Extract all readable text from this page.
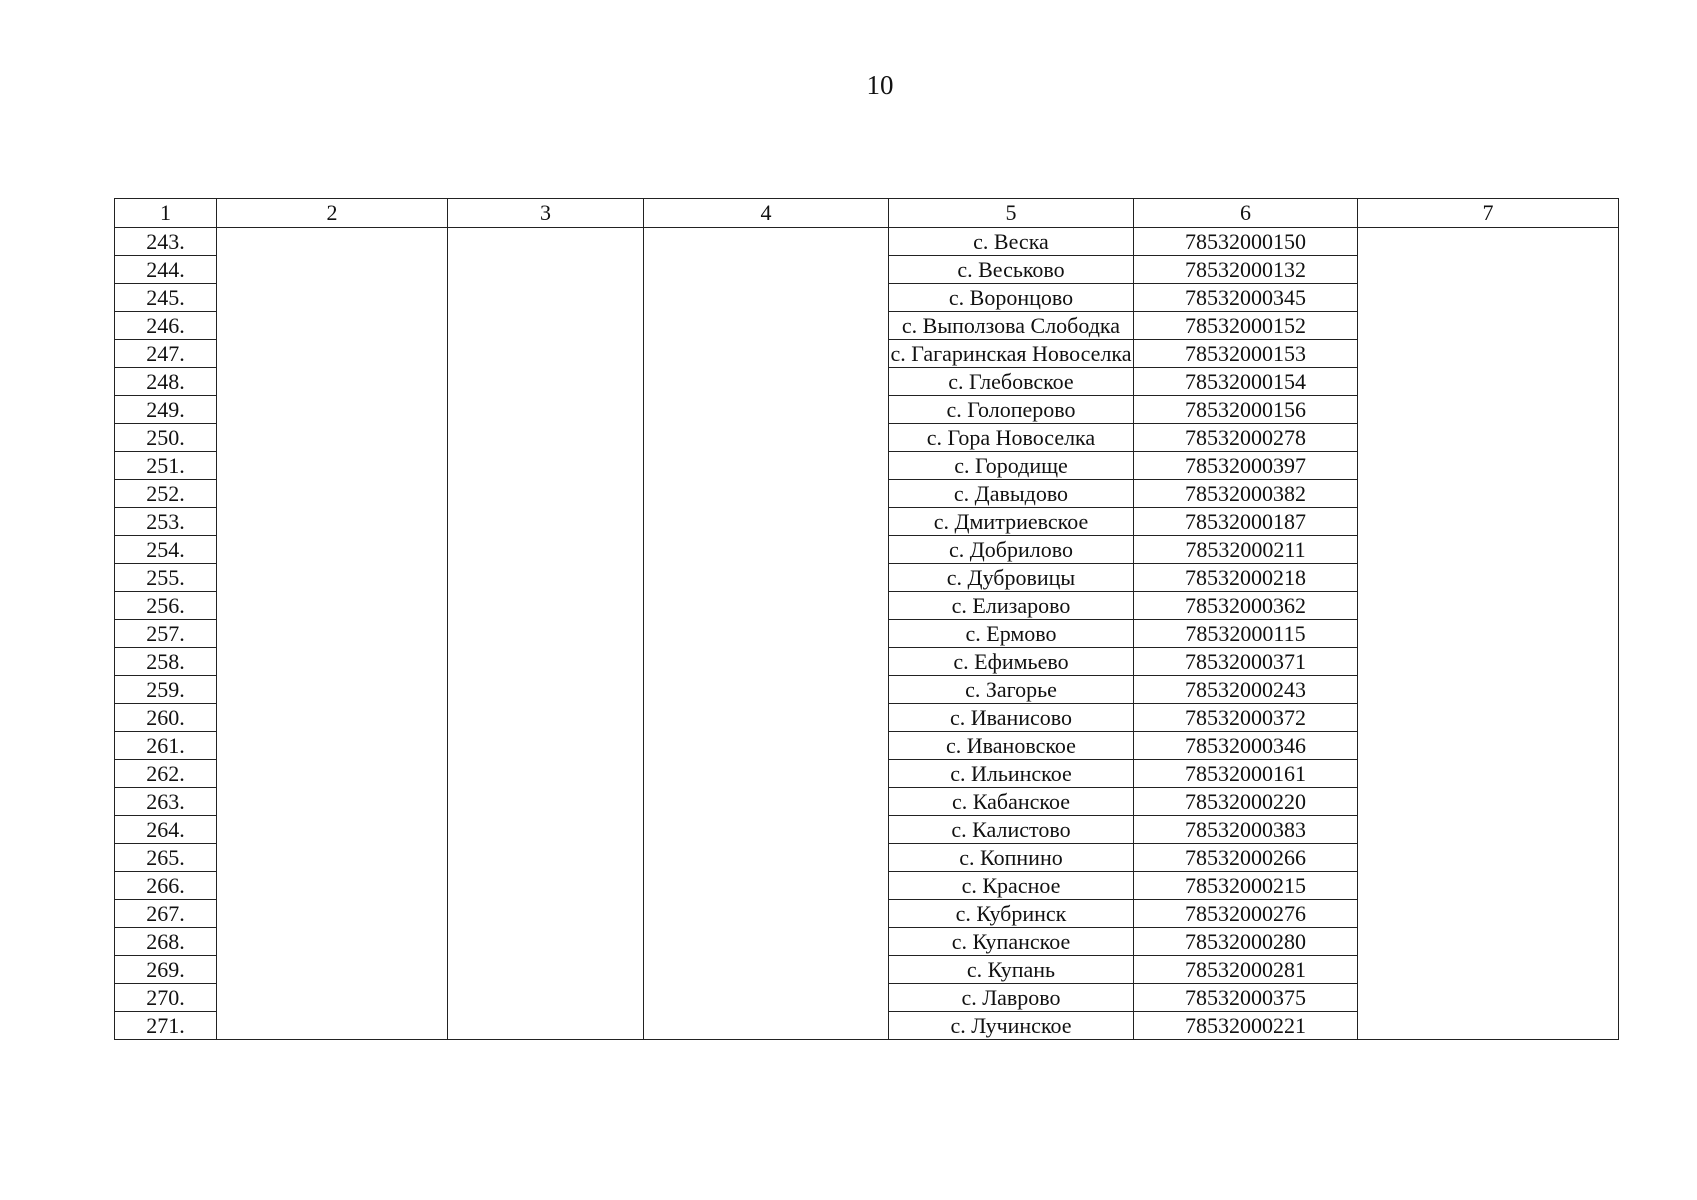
10
1	2	3	4	5	6	7
243.				с. Веска	78532000150	
244.				с. Веськово	78532000132	
245.				с. Воронцово	78532000345	
246.				с. Выползова Слободка	78532000152	
247.				с. Гагаринская Новоселка	78532000153	
248.				с. Глебовское	78532000154	
249.				с. Голоперово	78532000156	
250.				с. Гора Новоселка	78532000278	
251.				с. Городище	78532000397	
252.				с. Давыдово	78532000382	
253.				с. Дмитриевское	78532000187	
254.				с. Добрилово	78532000211	
255.				с. Дубровицы	78532000218	
256.				с. Елизарово	78532000362	
257.				с. Ермово	78532000115	
258.				с. Ефимьево	78532000371	
259.				с. Загорье	78532000243	
260.				с. Иванисово	78532000372	
261.				с. Ивановское	78532000346	
262.				с. Ильинское	78532000161	
263.				с. Кабанское	78532000220	
264.				с. Калистово	78532000383	
265.				с. Копнино	78532000266	
266.				с. Красное	78532000215	
267.				с. Кубринск	78532000276	
268.				с. Купанское	78532000280	
269.				с. Купань	78532000281	
270.				с. Лаврово	78532000375	
271.				с. Лучинское	78532000221	
